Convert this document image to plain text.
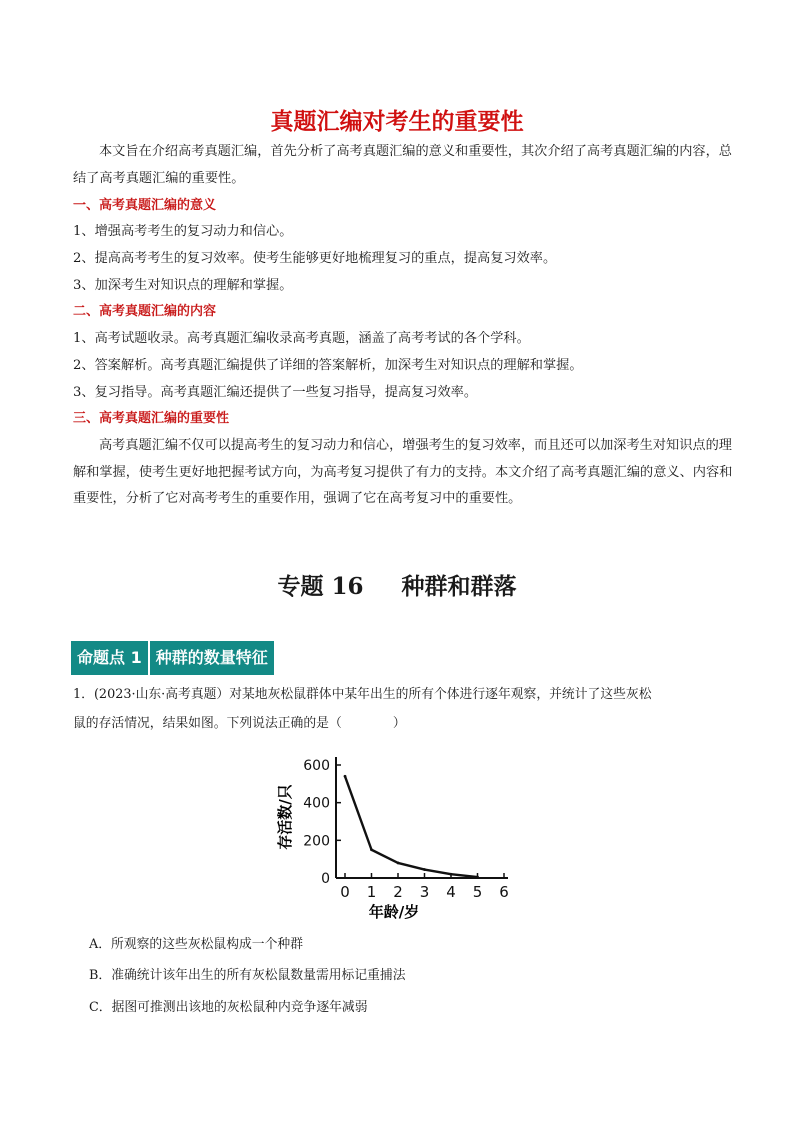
真题汇编对考生的重要性
本文旨在介绍高考真题汇编，首先分析了高考真题汇编的意义和重要性，其次介绍了高考真题汇编的内容，总结了高考真题汇编的重要性。
一、高考真题汇编的意义
1、增强高考考生的复习动力和信心。
2、提高高考考生的复习效率。使考生能够更好地梳理复习的重点，提高复习效率。
3、加深考生对知识点的理解和掌握。
二、高考真题汇编的内容
1、高考试题收录。高考真题汇编收录高考真题，涵盖了高考考试的各个学科。
2、答案解析。高考真题汇编提供了详细的答案解析，加深考生对知识点的理解和掌握。
3、复习指导。高考真题汇编还提供了一些复习指导，提高复习效率。
三、高考真题汇编的重要性
高考真题汇编不仅可以提高考生的复习动力和信心，增强考生的复习效率，而且还可以加深考生对知识点的理解和掌握，使考生更好地把握考试方向，为高考复习提供了有力的支持。本文介绍了高考真题汇编的意义、内容和重要性，分析了它对高考考生的重要作用，强调了它在高考复习中的重要性。
专题 16 种群和群落
命题点 1 种群的数量特征
1．(2023·山东·高考真题）对某地灰松鼠群体中某年出生的所有个体进行逐年观察，并统计了这些灰松
鼠的存活情况，结果如图。下列说法正确的是（　　　　）
0
200
400
600
0 1 2 3 4 5 6
存活数/只
年龄/岁
A．所观察的这些灰松鼠构成一个种群
B．准确统计该年出生的所有灰松鼠数量需用标记重捕法
C．据图可推测出该地的灰松鼠种内竞争逐年减弱
